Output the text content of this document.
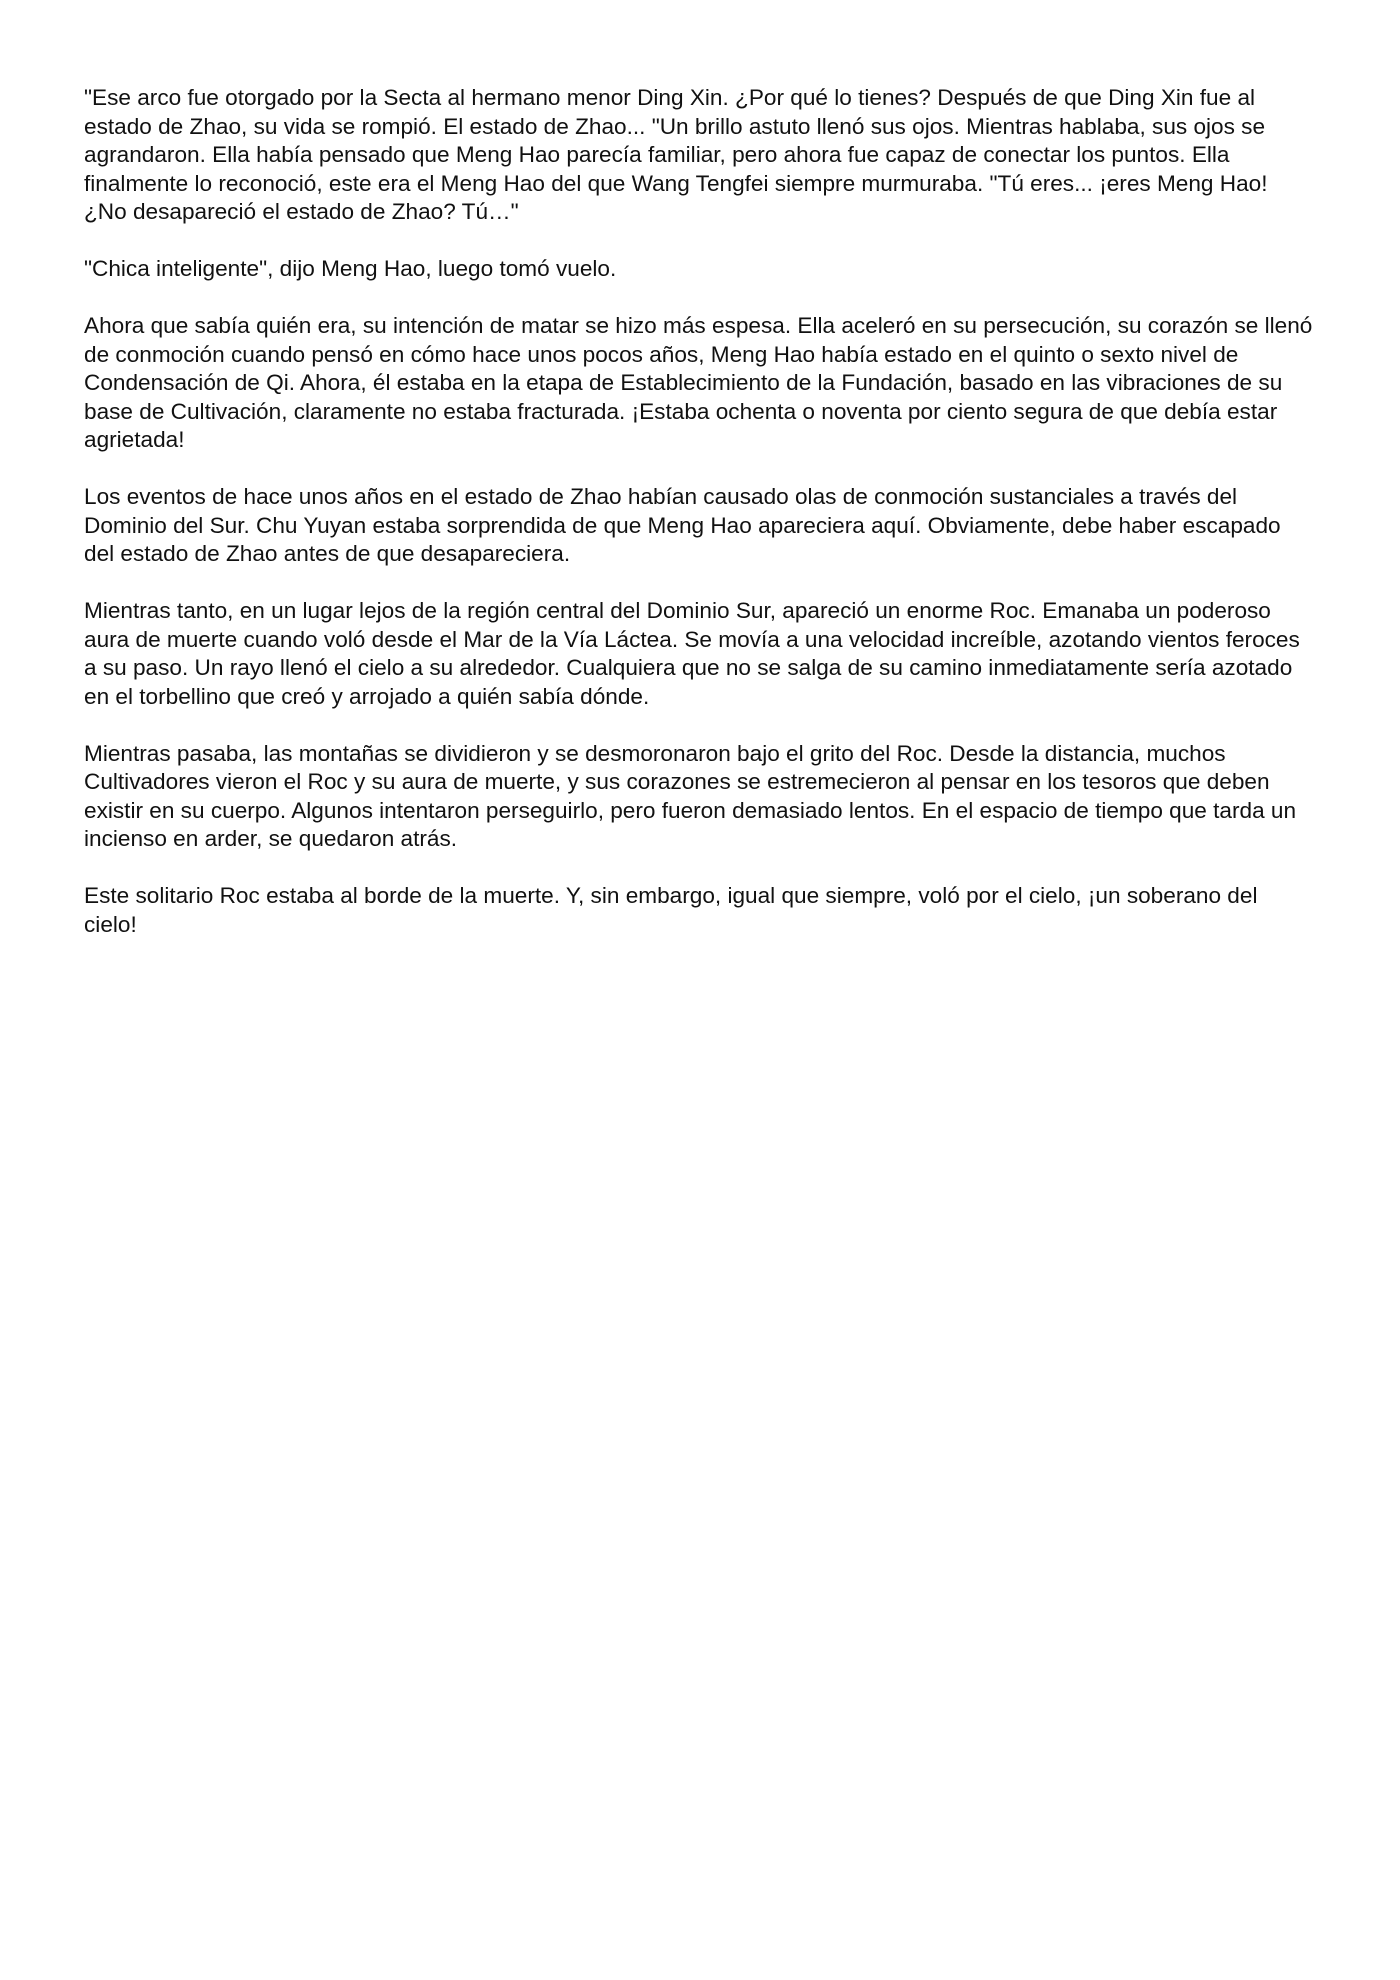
"Ese arco fue otorgado por la Secta al hermano menor Ding Xin. ¿Por qué lo tienes? Después de que Ding Xin fue al estado de Zhao, su vida se rompió. El estado de Zhao... "Un brillo astuto llenó sus ojos. Mientras hablaba, sus ojos se agrandaron. Ella había pensado que Meng Hao parecía familiar, pero ahora fue capaz de conectar los puntos. Ella finalmente lo reconoció, este era el Meng Hao del que Wang Tengfei siempre murmuraba. "Tú eres... ¡eres Meng Hao! ¿No desapareció el estado de Zhao? Tú…"

"Chica inteligente", dijo Meng Hao, luego tomó vuelo.

Ahora que sabía quién era, su intención de matar se hizo más espesa. Ella aceleró en su persecución, su corazón se llenó de conmoción cuando pensó en cómo hace unos pocos años, Meng Hao había estado en el quinto o sexto nivel de Condensación de Qi. Ahora, él estaba en la etapa de Establecimiento de la Fundación, basado en las vibraciones de su base de Cultivación, claramente no estaba fracturada. ¡Estaba ochenta o noventa por ciento segura de que debía estar agrietada!

Los eventos de hace unos años en el estado de Zhao habían causado olas de conmoción sustanciales a través del Dominio del Sur. Chu Yuyan estaba sorprendida de que Meng Hao apareciera aquí. Obviamente, debe haber escapado del estado de Zhao antes de que desapareciera.

Mientras tanto, en un lugar lejos de la región central del Dominio Sur, apareció un enorme Roc. Emanaba un poderoso aura de muerte cuando voló desde el Mar de la Vía Láctea. Se movía a una velocidad increíble, azotando vientos feroces a su paso. Un rayo llenó el cielo a su alrededor. Cualquiera que no se salga de su camino inmediatamente sería azotado en el torbellino que creó y arrojado a quién sabía dónde.

Mientras pasaba, las montañas se dividieron y se desmoronaron bajo el grito del Roc. Desde la distancia, muchos Cultivadores vieron el Roc y su aura de muerte, y sus corazones se estremecieron al pensar en los tesoros que deben existir en su cuerpo. Algunos intentaron perseguirlo, pero fueron demasiado lentos. En el espacio de tiempo que tarda un incienso en arder, se quedaron atrás.

Este solitario Roc estaba al borde de la muerte. Y, sin embargo, igual que siempre, voló por el cielo, ¡un soberano del cielo!
